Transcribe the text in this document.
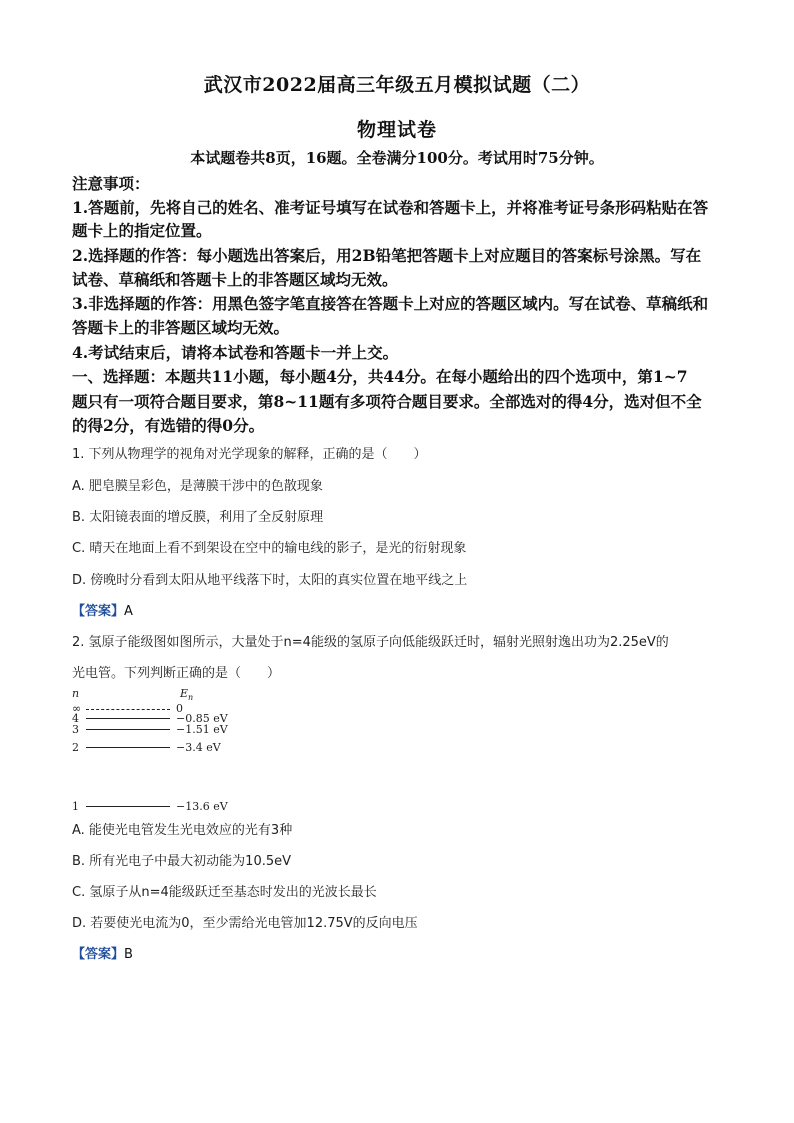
武汉市2022届高三年级五月模拟试题（二）
物理试卷
本试题卷共8页，16题。全卷满分100分。考试用时75分钟。
注意事项：
1.答题前，先将自己的姓名、准考证号填写在试卷和答题卡上，并将准考证号条形码粘贴在答
题卡上的指定位置。
2.选择题的作答：每小题选出答案后，用2B铅笔把答题卡上对应题目的答案标号涂黑。写在
试卷、草稿纸和答题卡上的非答题区域均无效。
3.非选择题的作答：用黑色签字笔直接答在答题卡上对应的答题区域内。写在试卷、草稿纸和
答题卡上的非答题区域均无效。
4.考试结束后，请将本试卷和答题卡一并上交。
一、选择题：本题共11小题，每小题4分，共44分。在每小题给出的四个选项中，第1~7
题只有一项符合题目要求，第8~11题有多项符合题目要求。全部选对的得4分，选对但不全
的得2分，有选错的得0分。
1. 下列从物理学的视角对光学现象的解释，正确的是（　　）
A. 肥皂膜呈彩色，是薄膜干涉中的色散现象
B. 太阳镜表面的增反膜，利用了全反射原理
C. 晴天在地面上看不到架设在空中的输电线的影子，是光的衍射现象
D. 傍晚时分看到太阳从地平线落下时，太阳的真实位置在地平线之上
【答案】A
2. 氢原子能级图如图所示，大量处于n=4能级的氢原子向低能级跃迁时，辐射光照射逸出功为2.25eV的
光电管。下列判断正确的是（　　）
n	$E_n$
∞	0
4	−0.85 eV
3	−1.51 eV
2	−3.4 eV
1	−13.6 eV
A. 能使光电管发生光电效应的光有3种
B. 所有光电子中最大初动能为10.5eV
C. 氢原子从n=4能级跃迁至基态时发出的光波长最长
D. 若要使光电流为0，至少需给光电管加12.75V的反向电压
【答案】B
